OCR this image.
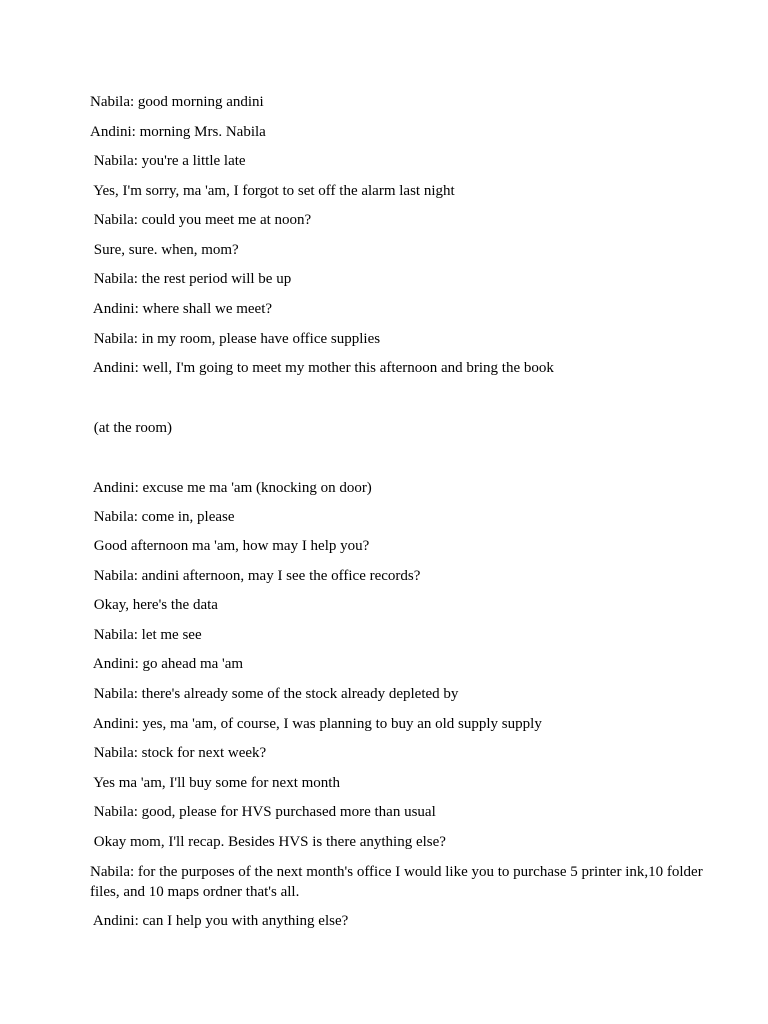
Nabila: good morning andini
Andini: morning Mrs. Nabila
Nabila: you're a little late
Yes, I'm sorry, ma 'am, I forgot to set off the alarm last night
Nabila: could you meet me at noon?
Sure, sure. when, mom?
Nabila: the rest period will be up
Andini: where shall we meet?
Nabila: in my room, please have office supplies
Andini: well, I'm going to meet my mother this afternoon and bring the book
(at the room)
Andini: excuse me ma 'am (knocking on door)
Nabila: come in, please
Good afternoon ma 'am, how may I help you?
Nabila: andini afternoon, may I see the office records?
Okay, here's the data
Nabila: let me see
Andini: go ahead ma 'am
Nabila: there's already some of the stock already depleted by
Andini: yes, ma 'am, of course, I was planning to buy an old supply supply
Nabila: stock for next week?
Yes ma 'am, I'll buy some for next month
Nabila: good, please for HVS purchased more than usual
Okay mom, I'll recap. Besides HVS is there anything else?
Nabila: for the purposes of the next month's office I would like you to purchase 5 printer ink,10 folder files, and 10 maps ordner that's all.
Andini: can I help you with anything else?
